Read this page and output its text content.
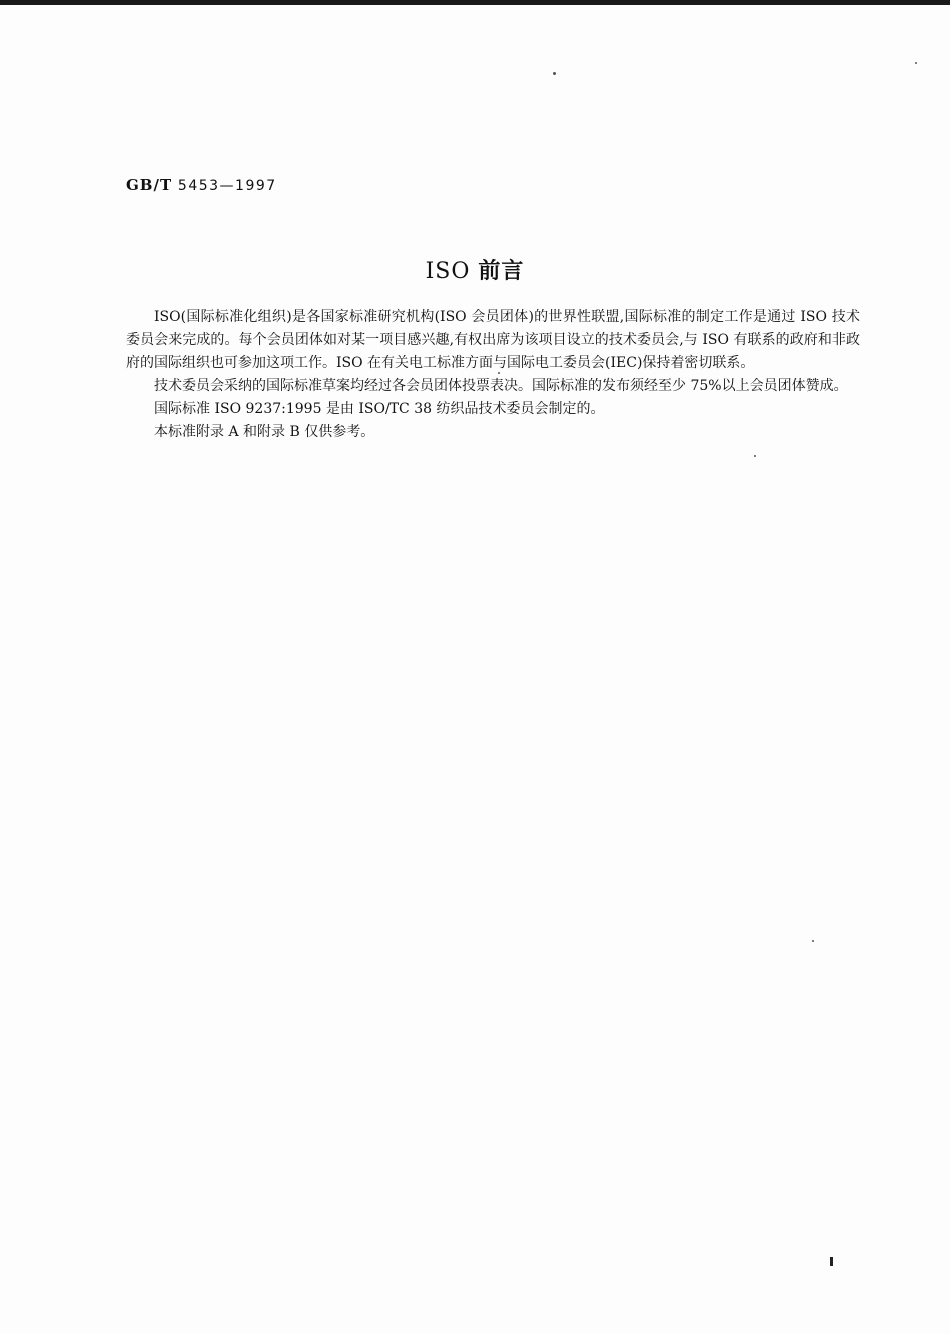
GB/T 5453—1997
ISO 前言

ISO(国际标准化组织)是各国家标准研究机构(ISO 会员团体)的世界性联盟,国际标准的制定工作是通过 ISO 技术委员会来完成的。每个会员团体如对某一项目感兴趣,有权出席为该项目设立的技术委员会,与 ISO 有联系的政府和非政府的国际组织也可参加这项工作。ISO 在有关电工标准方面与国际电工委员会(IEC)保持着密切联系。

技术委员会采纳的国际标准草案均经过各会员团体投票表决。国际标准的发布须经至少 75%以上会员团体赞成。

国际标准 ISO 9237:1995 是由 ISO/TC 38 纺织品技术委员会制定的。

本标准附录 A 和附录 B 仅供参考。
